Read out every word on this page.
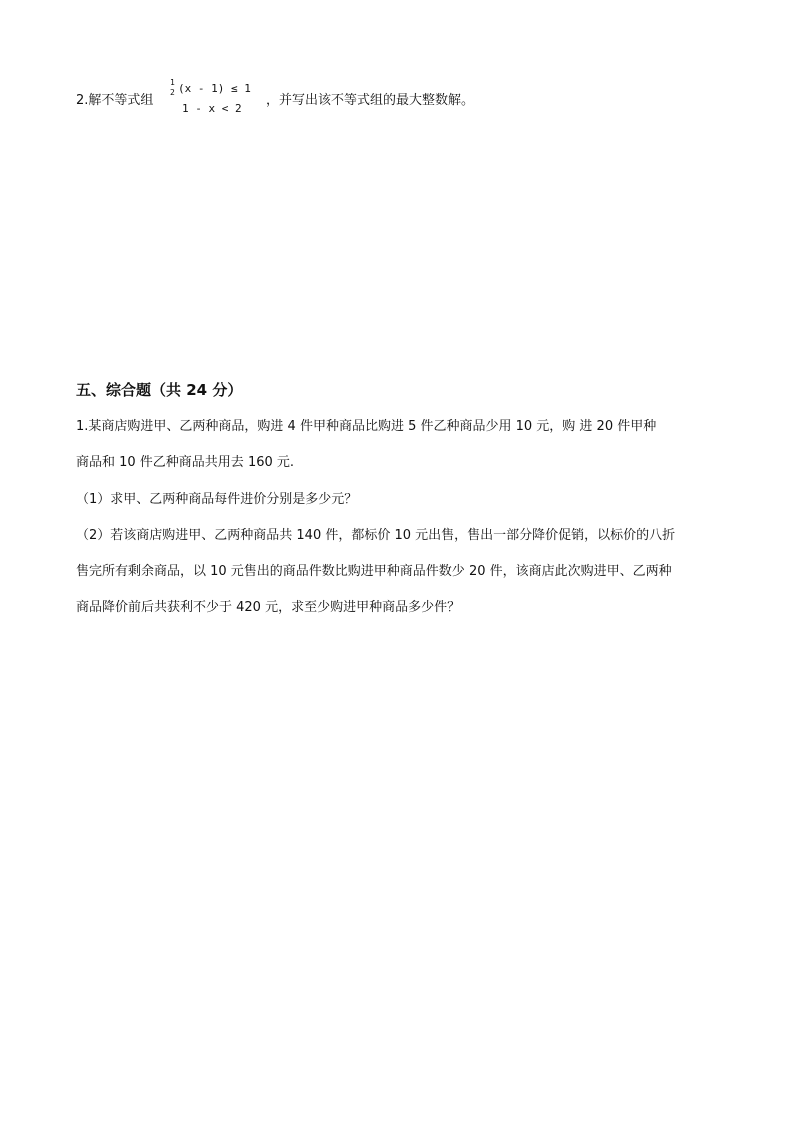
2.解不等式组
1
2 (x - 1) ≤ 1
1 - x < 2
，并写出该不等式组的最大整数解。
五、综合题（共 24 分）
1.某商店购进甲、乙两种商品，购进 4 件甲种商品比购进 5 件乙种商品少用 10 元，购 进 20 件甲种
商品和 10 件乙种商品共用去 160 元.
（1）求甲、乙两种商品每件进价分别是多少元？
（2）若该商店购进甲、乙两种商品共 140 件，都标价 10 元出售，售出一部分降价促销，以标价的八折
售完所有剩余商品，以 10 元售出的商品件数比购进甲种商品件数少 20 件，该商店此次购进甲、乙两种
商品降价前后共获利不少于 420 元，求至少购进甲种商品多少件？
